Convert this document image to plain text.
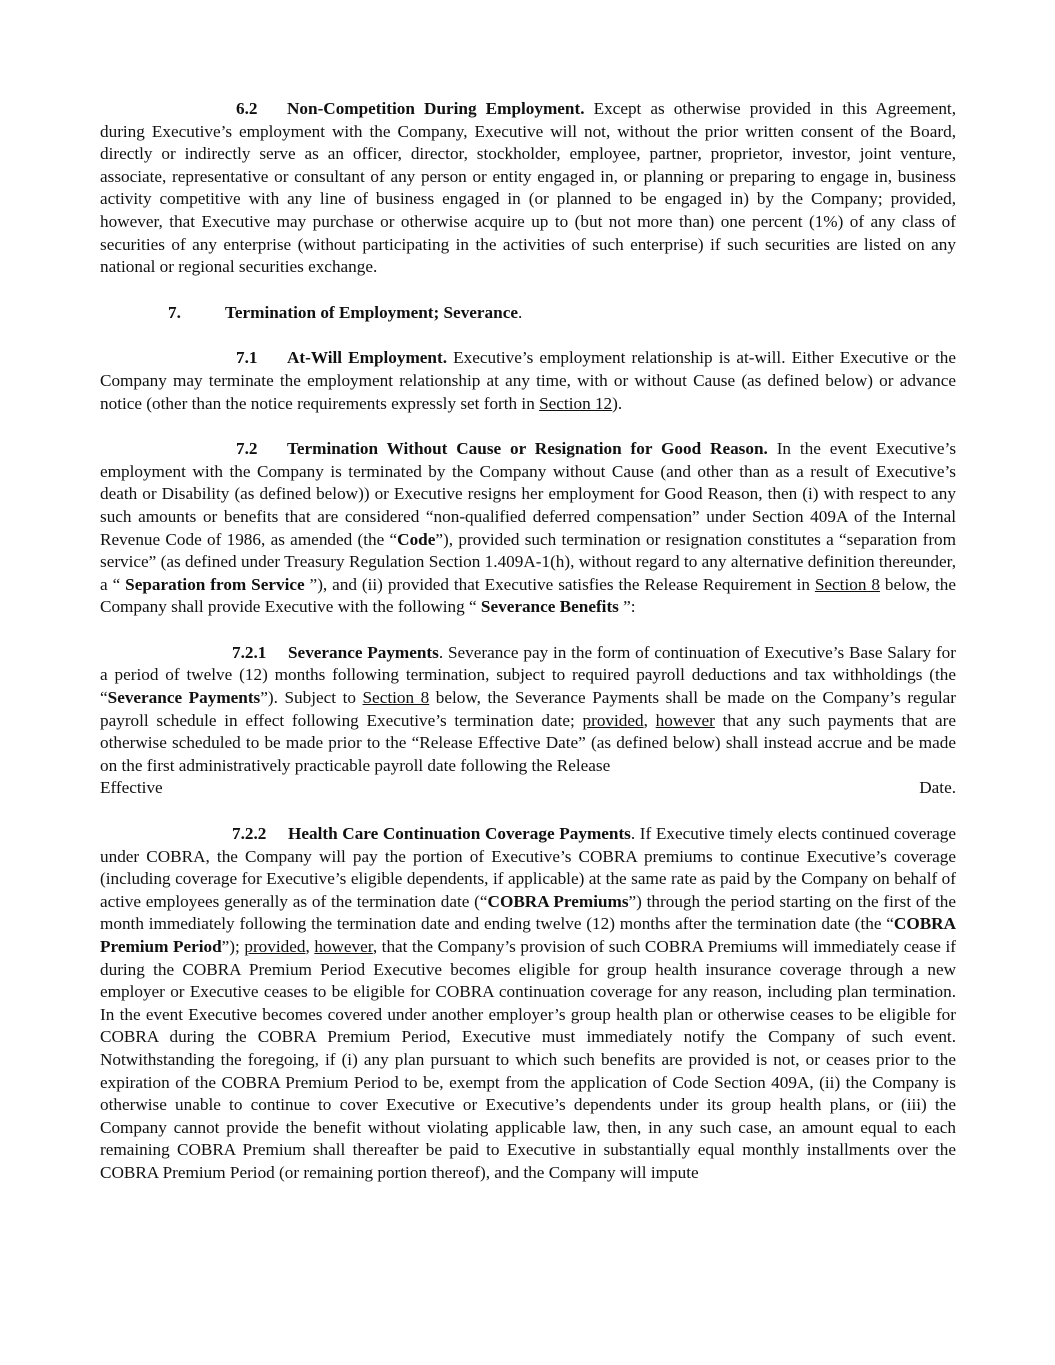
6.2 Non-Competition During Employment. Except as otherwise provided in this Agreement, during Executive’s employment with the Company, Executive will not, without the prior written consent of the Board, directly or indirectly serve as an officer, director, stockholder, employee, partner, proprietor, investor, joint venture, associate, representative or consultant of any person or entity engaged in, or planning or preparing to engage in, business activity competitive with any line of business engaged in (or planned to be engaged in) by the Company; provided, however, that Executive may purchase or otherwise acquire up to (but not more than) one percent (1%) of any class of securities of any enterprise (without participating in the activities of such enterprise) if such securities are listed on any national or regional securities exchange.

7.	Termination of Employment; Severance.

7.1 At-Will Employment. Executive’s employment relationship is at-will. Either Executive or the Company may terminate the employment relationship at any time, with or without Cause (as defined below) or advance notice (other than the notice requirements expressly set forth in Section 12).

7.2 Termination Without Cause or Resignation for Good Reason. In the event Executive’s employment with the Company is terminated by the Company without Cause (and other than as a result of Executive’s death or Disability (as defined below)) or Executive resigns her employment for Good Reason, then (i) with respect to any such amounts or benefits that are considered “non-qualified deferred compensation” under Section 409A of the Internal Revenue Code of 1986, as amended (the “Code”), provided such termination or resignation constitutes a “separation from service” (as defined under Treasury Regulation Section 1.409A-1(h), without regard to any alternative definition thereunder, a “ Separation from Service ”), and (ii) provided that Executive satisfies the Release Requirement in Section 8 below, the Company shall provide Executive with the following “ Severance Benefits ”:

7.2.1 Severance Payments. Severance pay in the form of continuation of Executive’s Base Salary for a period of twelve (12) months following termination, subject to required payroll deductions and tax withholdings (the “Severance Payments”). Subject to Section 8 below, the Severance Payments shall be made on the Company’s regular payroll schedule in effect following Executive’s termination date; provided, however that any such payments that are otherwise scheduled to be made prior to the “Release Effective Date” (as defined below) shall instead accrue and be made on the first administratively practicable payroll date following the Release

Effective	Date.

7.2.2 Health Care Continuation Coverage Payments. If Executive timely elects continued coverage under COBRA, the Company will pay the portion of Executive’s COBRA premiums to continue Executive’s coverage (including coverage for Executive’s eligible dependents, if applicable) at the same rate as paid by the Company on behalf of active employees generally as of the termination date (“COBRA Premiums”) through the period starting on the first of the month immediately following the termination date and ending twelve (12) months after the termination date (the “COBRA Premium Period”); provided, however, that the Company’s provision of such COBRA Premiums will immediately cease if during the COBRA Premium Period Executive becomes eligible for group health insurance coverage through a new employer or Executive ceases to be eligible for COBRA continuation coverage for any reason, including plan termination. In the event Executive becomes covered under another employer’s group health plan or otherwise ceases to be eligible for COBRA during the COBRA Premium Period, Executive must immediately notify the Company of such event. Notwithstanding the foregoing, if (i) any plan pursuant to which such benefits are provided is not, or ceases prior to the expiration of the COBRA Premium Period to be, exempt from the application of Code Section 409A, (ii) the Company is otherwise unable to continue to cover Executive or Executive’s dependents under its group health plans, or (iii) the Company cannot provide the benefit without violating applicable law, then, in any such case, an amount equal to each remaining COBRA Premium shall thereafter be paid to Executive in substantially equal monthly installments over the COBRA Premium Period (or remaining portion thereof), and the Company will impute
